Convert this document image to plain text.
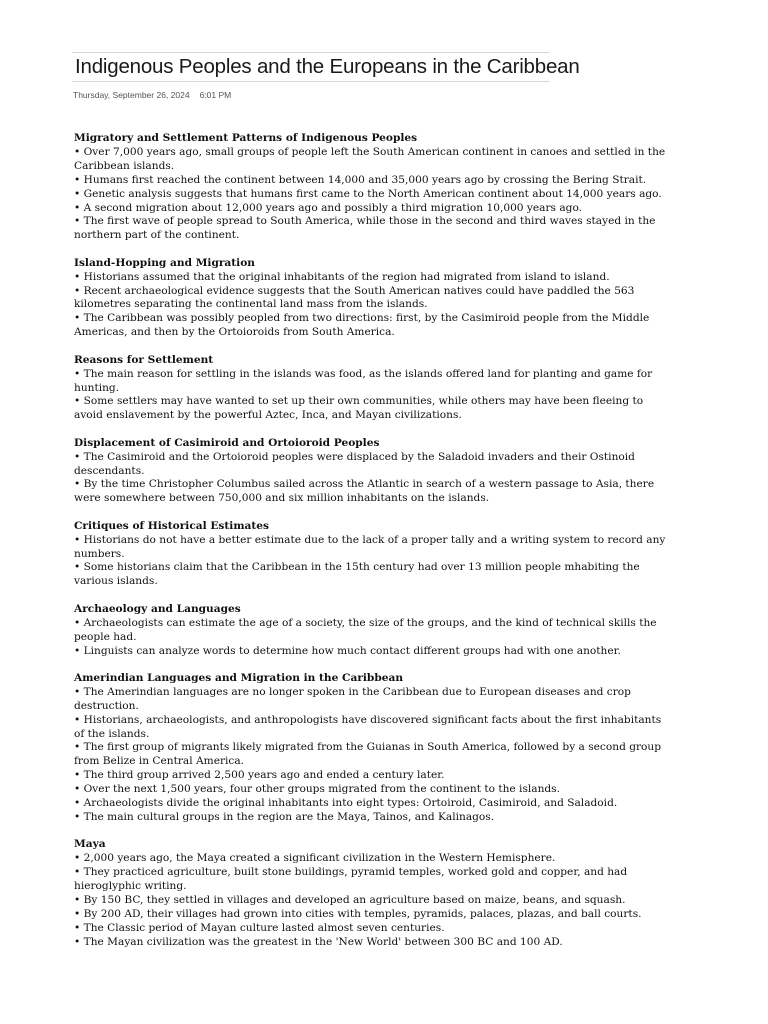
Indigenous Peoples and the Europeans in the Caribbean
Thursday, September 26, 2024 6:01 PM
Migratory and Settlement Patterns of Indigenous Peoples
• Over 7,000 years ago, small groups of people left the South American continent in canoes and settled in the Caribbean islands.
• Humans first reached the continent between 14,000 and 35,000 years ago by crossing the Bering Strait.
• Genetic analysis suggests that humans first came to the North American continent about 14,000 years ago.
• A second migration about 12,000 years ago and possibly a third migration 10,000 years ago.
• The first wave of people spread to South America, while those in the second and third waves stayed in the northern part of the continent.
Island-Hopping and Migration
• Historians assumed that the original inhabitants of the region had migrated from island to island.
• Recent archaeological evidence suggests that the South American natives could have paddled the 563 kilometres separating the continental land mass from the islands.
• The Caribbean was possibly peopled from two directions: first, by the Casimiroid people from the Middle Americas, and then by the Ortoioroids from South America.
Reasons for Settlement
• The main reason for settling in the islands was food, as the islands offered land for planting and game for hunting.
• Some settlers may have wanted to set up their own communities, while others may have been fleeing to avoid enslavement by the powerful Aztec, Inca, and Mayan civilizations.
Displacement of Casimiroid and Ortoioroid Peoples
• The Casimiroid and the Ortoioroid peoples were displaced by the Saladoid invaders and their Ostinoid descendants.
• By the time Christopher Columbus sailed across the Atlantic in search of a western passage to Asia, there were somewhere between 750,000 and six million inhabitants on the islands.
Critiques of Historical Estimates
• Historians do not have a better estimate due to the lack of a proper tally and a writing system to record any numbers.
• Some historians claim that the Caribbean in the 15th century had over 13 million people mhabiting the various islands.
Archaeology and Languages
• Archaeologists can estimate the age of a society, the size of the groups, and the kind of technical skills the people had.
• Linguists can analyze words to determine how much contact different groups had with one another.
Amerindian Languages and Migration in the Caribbean
• The Amerindian languages are no longer spoken in the Caribbean due to European diseases and crop destruction.
• Historians, archaeologists, and anthropologists have discovered significant facts about the first inhabitants of the islands.
• The first group of migrants likely migrated from the Guianas in South America, followed by a second group from Belize in Central America.
• The third group arrived 2,500 years ago and ended a century later.
• Over the next 1,500 years, four other groups migrated from the continent to the islands.
• Archaeologists divide the original inhabitants into eight types: Ortoiroid, Casimiroid, and Saladoid.
• The main cultural groups in the region are the Maya, Tainos, and Kalinagos.
Maya
• 2,000 years ago, the Maya created a significant civilization in the Western Hemisphere.
• They practiced agriculture, built stone buildings, pyramid temples, worked gold and copper, and had hieroglyphic writing.
• By 150 BC, they settled in villages and developed an agriculture based on maize, beans, and squash.
• By 200 AD, their villages had grown into cities with temples, pyramids, palaces, plazas, and ball courts.
• The Classic period of Mayan culture lasted almost seven centuries.
• The Mayan civilization was the greatest in the 'New World' between 300 BC and 100 AD.
